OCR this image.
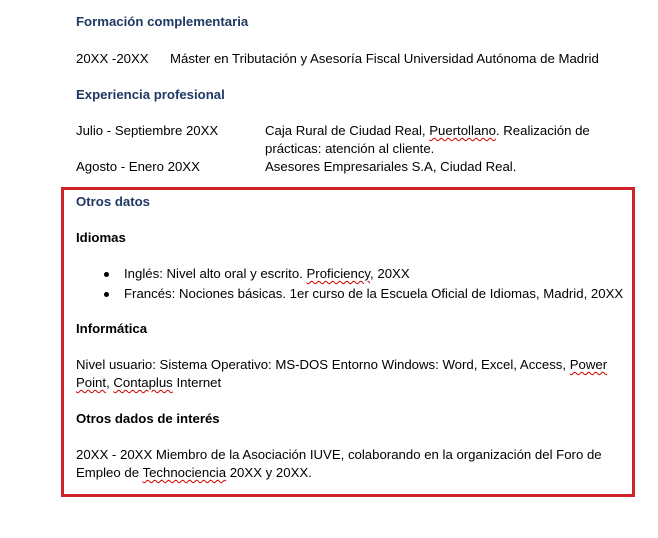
Formación complementaria
20XX -20XX Máster en Tributación y Asesoría Fiscal Universidad Autónoma de Madrid
Experiencia profesional
Julio - Septiembre 20XX	Caja Rural de Ciudad Real, Puertollano. Realización de
prácticas: atención al cliente.
Agosto - Enero 20XX	Asesores Empresariales S.A, Ciudad Real.
Otros datos
Idiomas
Inglés: Nivel alto oral y escrito. Proficiency, 20XX
Francés: Nociones básicas. 1er curso de la Escuela Oficial de Idiomas, Madrid, 20XX
Informática
Nivel usuario: Sistema Operativo: MS-DOS Entorno Windows: Word, Excel, Access, Power
Point, Contaplus Internet
Otros dados de interés
20XX - 20XX Miembro de la Asociación IUVE, colaborando en la organización del Foro de
Empleo de Technociencia 20XX y 20XX.
